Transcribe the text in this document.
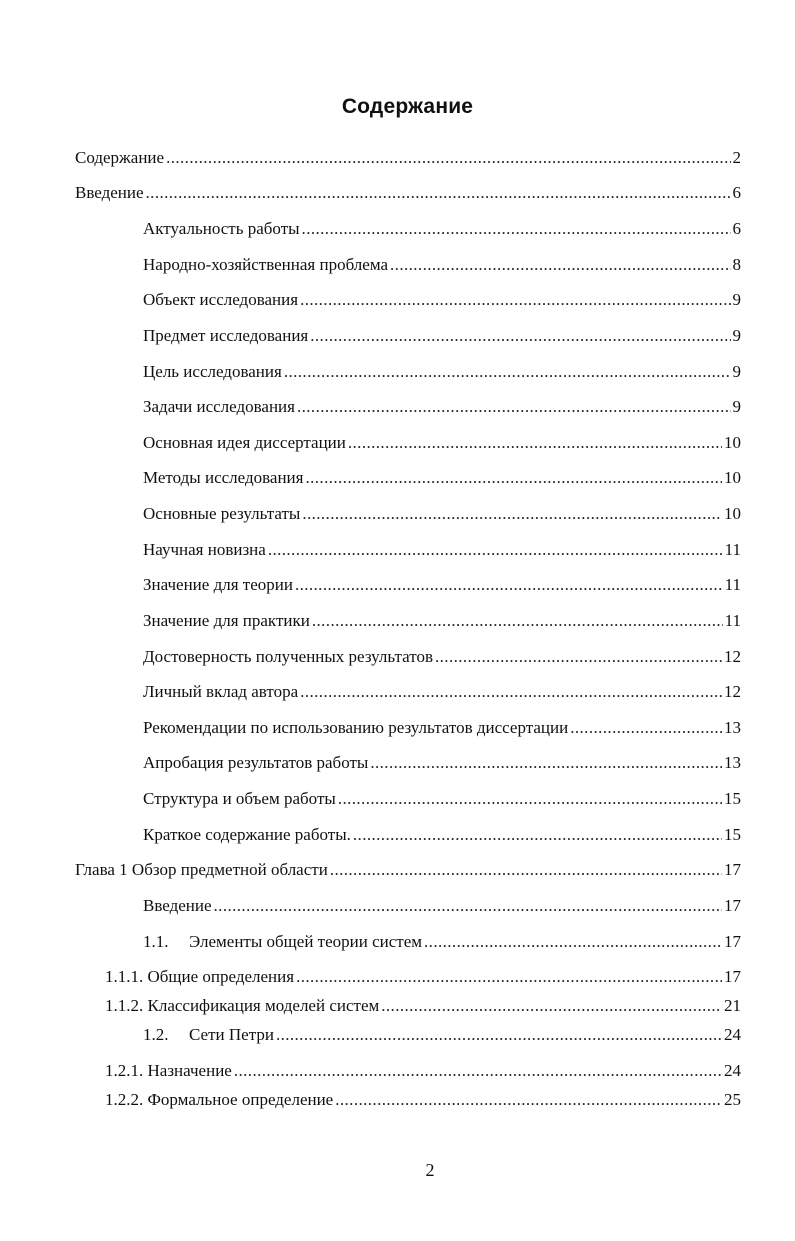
Содержание
Содержание .....	2
Введение .....	6
Актуальность работы .....	6
Народно-хозяйственная проблема .....	8
Объект исследования .....	9
Предмет исследования .....	9
Цель исследования .....	9
Задачи исследования .....	9
Основная идея диссертации .....	10
Методы исследования .....	10
Основные результаты .....	10
Научная новизна .....	11
Значение для теории .....	11
Значение для практики .....	11
Достоверность полученных результатов .....	12
Личный вклад автора .....	12
Рекомендации по использованию результатов диссертации .....	13
Апробация результатов работы .....	13
Структура и объем работы .....	15
Краткое содержание работы. .....	15
Глава 1 Обзор предметной области .....	17
Введение .....	17
1.1. Элементы общей теории систем .....	17
1.1.1. Общие определения .....	17
1.1.2. Классификация моделей систем .....	21
1.2. Сети Петри .....	24
1.2.1. Назначение .....	24
1.2.2. Формальное определение .....	25
2
